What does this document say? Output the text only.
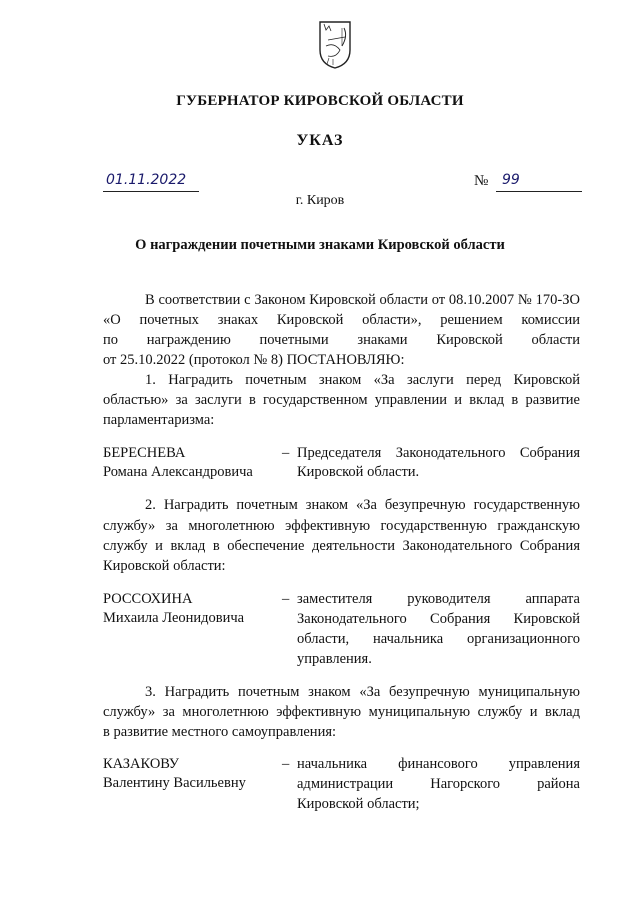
ГУБЕРНАТОР КИРОВСКОЙ ОБЛАСТИ
УКАЗ
01.11.2022	№ 99
г. Киров
О награждении почетными знаками Кировской области
В соответствии с Законом Кировской области от 08.10.2007 № 170-ЗО
«О почетных знаках Кировской области», решением комиссии
по награждению почетными знаками Кировской области
от 25.10.2022 (протокол № 8) ПОСТАНОВЛЯЮ:
1. Наградить почетным знаком «За заслуги перед Кировской
областью» за заслуги в государственном управлении и вклад в развитие
парламентаризма:
БЕРЕСНЕВА
Романа Александровича
– Председателя Законодательного Собрания
Кировской области.
2. Наградить почетным знаком «За безупречную государственную
службу» за многолетнюю эффективную государственную гражданскую
службу и вклад в обеспечение деятельности Законодательного Собрания
Кировской области:
РОССОХИНА
Михаила Леонидовича
– заместителя руководителя аппарата
Законодательного Собрания Кировской
области, начальника организационного
управления.
3. Наградить почетным знаком «За безупречную муниципальную
службу» за многолетнюю эффективную муниципальную службу и вклад
в развитие местного самоуправления:
КАЗАКОВУ
Валентину Васильевну
– начальника финансового управления
администрации Нагорского района
Кировской области;
